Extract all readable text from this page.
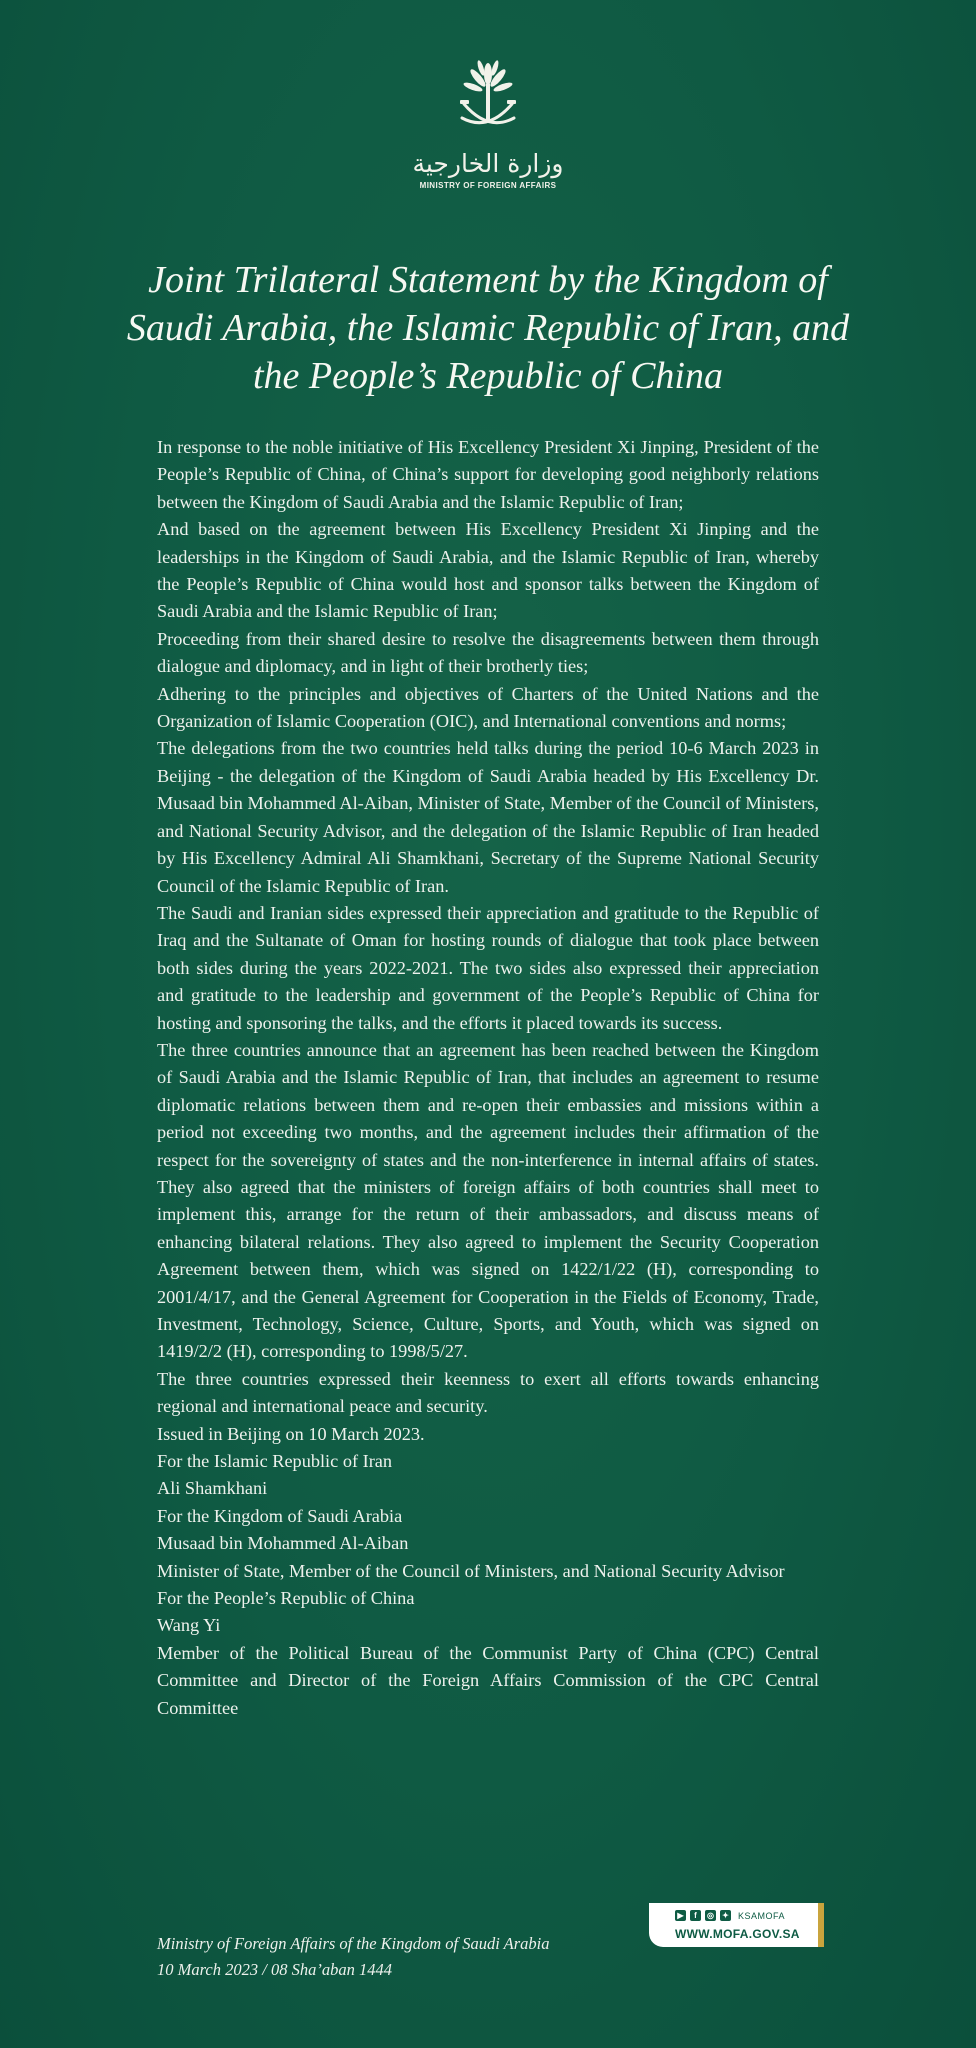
وزارة الخارجية
MINISTRY OF FOREIGN AFFAIRS
Joint Trilateral Statement by the Kingdom of
Saudi Arabia, the Islamic Republic of Iran, and
the People’s Republic of China

In response to the noble initiative of His Excellency President Xi Jinping, President of the People’s Republic of China, of China’s support for developing good neighborly relations between the Kingdom of Saudi Arabia and the Islamic Republic of Iran;

And based on the agreement between His Excellency President Xi Jinping and the leaderships in the Kingdom of Saudi Arabia, and the Islamic Republic of Iran, whereby the People’s Republic of China would host and sponsor talks between the Kingdom of Saudi Arabia and the Islamic Republic of Iran;

Proceeding from their shared desire to resolve the disagreements between them through dialogue and diplomacy, and in light of their brotherly ties;

Adhering to the principles and objectives of Charters of the United Nations and the Organization of Islamic Cooperation (OIC), and International conventions and norms;

The delegations from the two countries held talks during the period 10-6 March 2023 in Beijing - the delegation of the Kingdom of Saudi Arabia headed by His Excellency Dr. Musaad bin Mohammed Al-Aiban, Minister of State, Member of the Council of Ministers, and National Security Advisor, and the delegation of the Islamic Republic of Iran headed by His Excellency Admiral Ali Shamkhani, Secretary of the Supreme National Security Council of the Islamic Republic of Iran.

The Saudi and Iranian sides expressed their appreciation and gratitude to the Republic of Iraq and the Sultanate of Oman for hosting rounds of dialogue that took place between both sides during the years 2022-2021. The two sides also expressed their appreciation and gratitude to the leadership and government of the People’s Republic of China for hosting and sponsoring the talks, and the efforts it placed towards its success.

The three countries announce that an agreement has been reached between the Kingdom of Saudi Arabia and the Islamic Republic of Iran, that includes an agreement to resume diplomatic relations between them and re-open their embassies and missions within a period not exceeding two months, and the agreement includes their affirmation of the respect for the sovereignty of states and the non-interference in internal affairs of states. They also agreed that the ministers of foreign affairs of both countries shall meet to implement this, arrange for the return of their ambassadors, and discuss means of enhancing bilateral relations. They also agreed to implement the Security Cooperation Agreement between them, which was signed on 1422/1/22 (H), corresponding to 2001/4/17, and the General Agreement for Cooperation in the Fields of Economy, Trade, Investment, Technology, Science, Culture, Sports, and Youth, which was signed on 1419/2/2 (H), corresponding to 1998/5/27.

The three countries expressed their keenness to exert all efforts towards enhancing regional and international peace and security.

Issued in Beijing on 10 March 2023.

For the Islamic Republic of Iran

Ali Shamkhani

For the Kingdom of Saudi Arabia

Musaad bin Mohammed Al-Aiban

Minister of State, Member of the Council of Ministers, and National Security Advisor

For the People’s Republic of China

Wang Yi

Member of the Political Bureau of the Communist Party of China (CPC) Central Committee and Director of the Foreign Affairs Commission of the CPC Central Committee

Ministry of Foreign Affairs of the Kingdom of Saudi Arabia
10 March 2023 / 08 Sha’aban 1444
▶	f	◎ ✦ KSAMOFA
WWW.MOFA.GOV.SA
